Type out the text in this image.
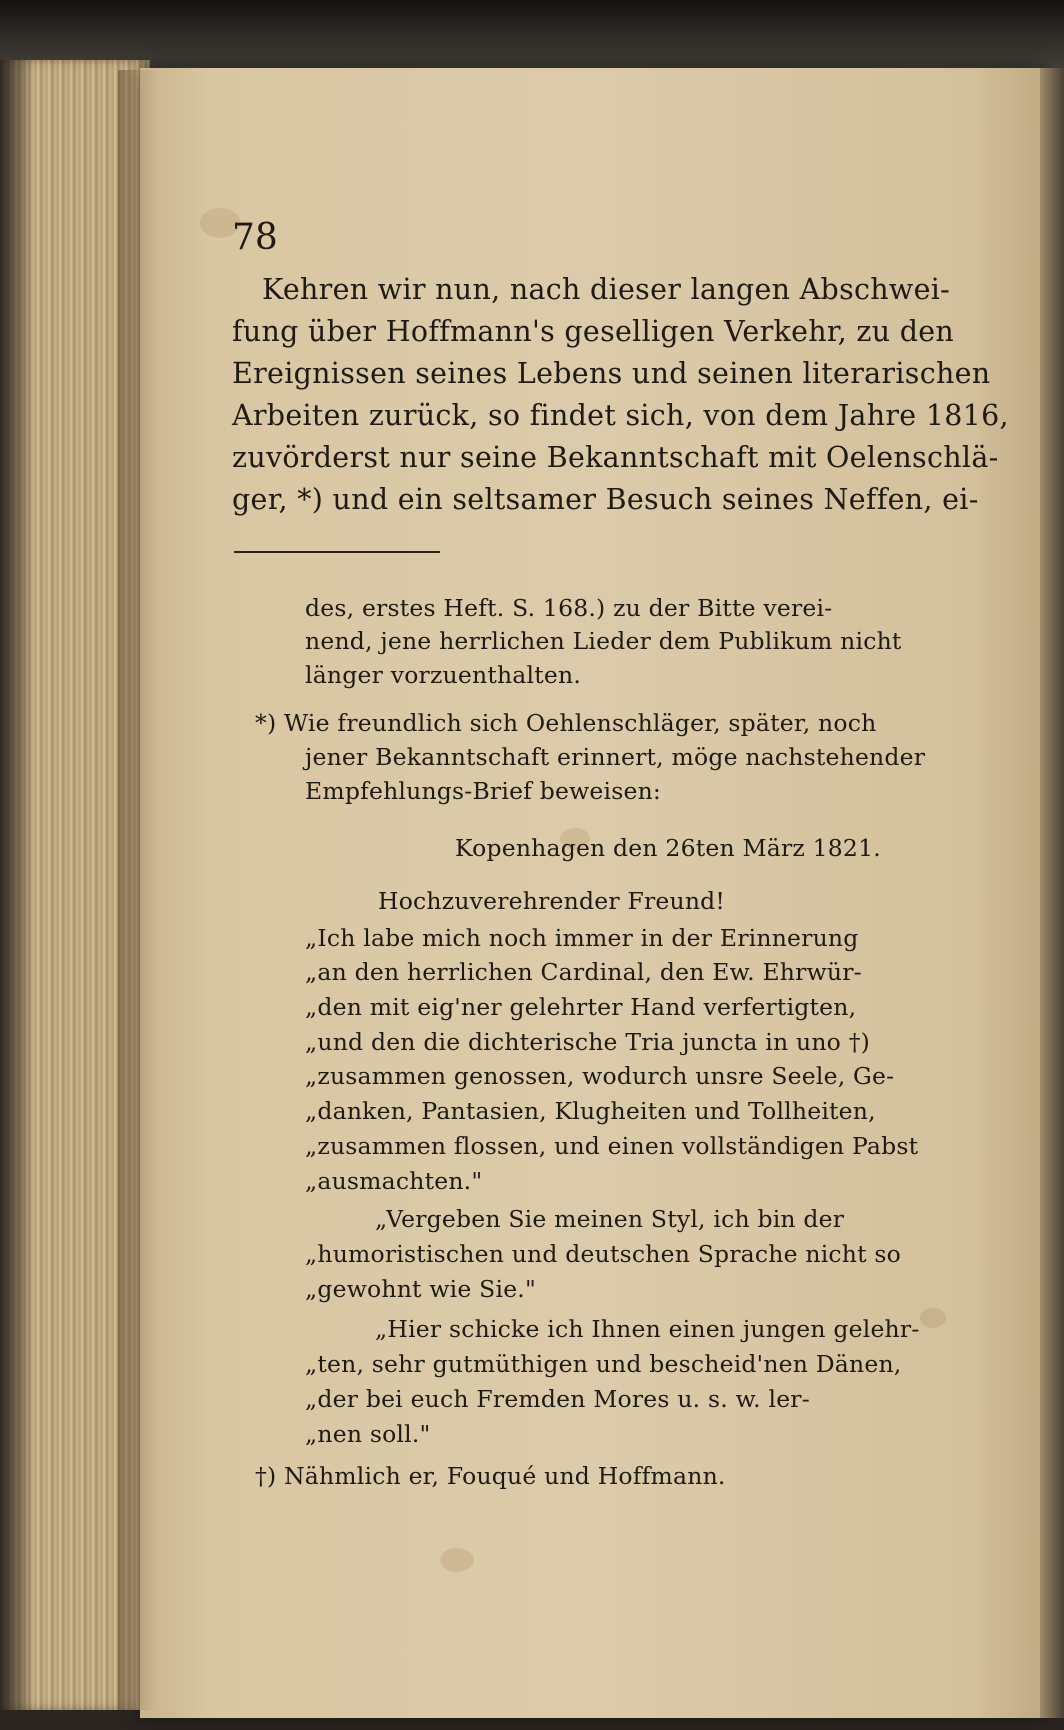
78
Kehren wir nun, nach dieser langen Abschwei-
fung über Hoffmann's geselligen Verkehr, zu den
Ereignissen seines Lebens und seinen literarischen
Arbeiten zurück, so findet sich, von dem Jahre 1816,
zuvörderst nur seine Bekanntschaft mit Oelenschlä-
ger, *) und ein seltsamer Besuch seines Neffen, ei-
des, erstes Heft. S. 168.) zu der Bitte verei-
nend, jene herrlichen Lieder dem Publikum nicht
länger vorzuenthalten.
*) Wie freundlich sich Oehlenschläger, später, noch
jener Bekanntschaft erinnert, möge nachstehender
Empfehlungs-Brief beweisen:
Kopenhagen den 26ten März 1821.
Hochzuverehrender Freund!
„Ich labe mich noch immer in der Erinnerung
„an den herrlichen Cardinal, den Ew. Ehrwür-
„den mit eig'ner gelehrter Hand verfertigten,
„und den die dichterische Tria juncta in uno †)
„zusammen genossen, wodurch unsre Seele, Ge-
„danken, Pantasien, Klugheiten und Tollheiten,
„zusammen flossen, und einen vollständigen Pabst
„ausmachten."
„Vergeben Sie meinen Styl, ich bin der
„humoristischen und deutschen Sprache nicht so
„gewohnt wie Sie."
„Hier schicke ich Ihnen einen jungen gelehr-
„ten, sehr gutmüthigen und bescheid'nen Dänen,
„der bei euch Fremden Mores u. s. w. ler-
„nen soll."
†) Nähmlich er, Fouqué und Hoffmann.
